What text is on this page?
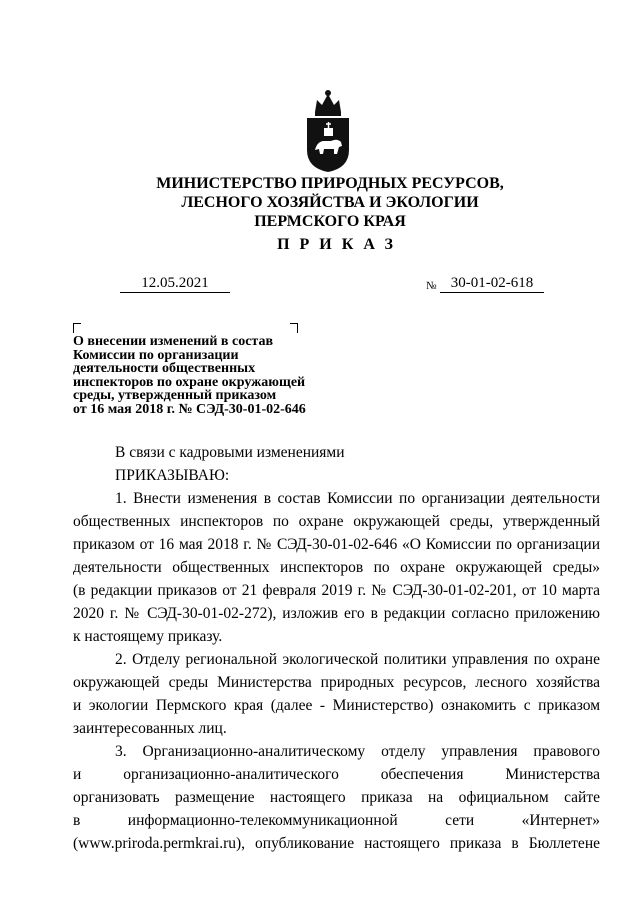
МИНИСТЕРСТВО ПРИРОДНЫХ РЕСУРСОВ,
ЛЕСНОГО ХОЗЯЙСТВА И ЭКОЛОГИИ
ПЕРМСКОГО КРАЯ
ПРИКАЗ
12.05.2021	№ 30-01-02-618
О внесении изменений в состав
Комиссии по организации
деятельности общественных
инспекторов по охране окружающей
среды, утвержденный приказом
от 16 мая 2018 г. № СЭД-30-01-02-646
В связи с кадровыми изменениями
ПРИКАЗЫВАЮ:
1. Внести изменения в состав Комиссии по организации деятельности
общественных инспекторов по охране окружающей среды, утвержденный
приказом от 16 мая 2018 г. № СЭД-30-01-02-646 «О Комиссии по организации
деятельности общественных инспекторов по охране окружающей среды»
(в редакции приказов от 21 февраля 2019 г. № СЭД-30-01-02-201, от 10 марта
2020 г. № СЭД-30-01-02-272), изложив его в редакции согласно приложению
к настоящему приказу.
2. Отделу региональной экологической политики управления по охране
окружающей среды Министерства природных ресурсов, лесного хозяйства
и экологии Пермского края (далее - Министерство) ознакомить с приказом
заинтересованных лиц.
3. Организационно-аналитическому отделу управления правового
и организационно-аналитического обеспечения Министерства
организовать размещение настоящего приказа на официальном сайте
в информационно-телекоммуникационной сети «Интернет»
(www.priroda.permkrai.ru), опубликование настоящего приказа в Бюллетене
